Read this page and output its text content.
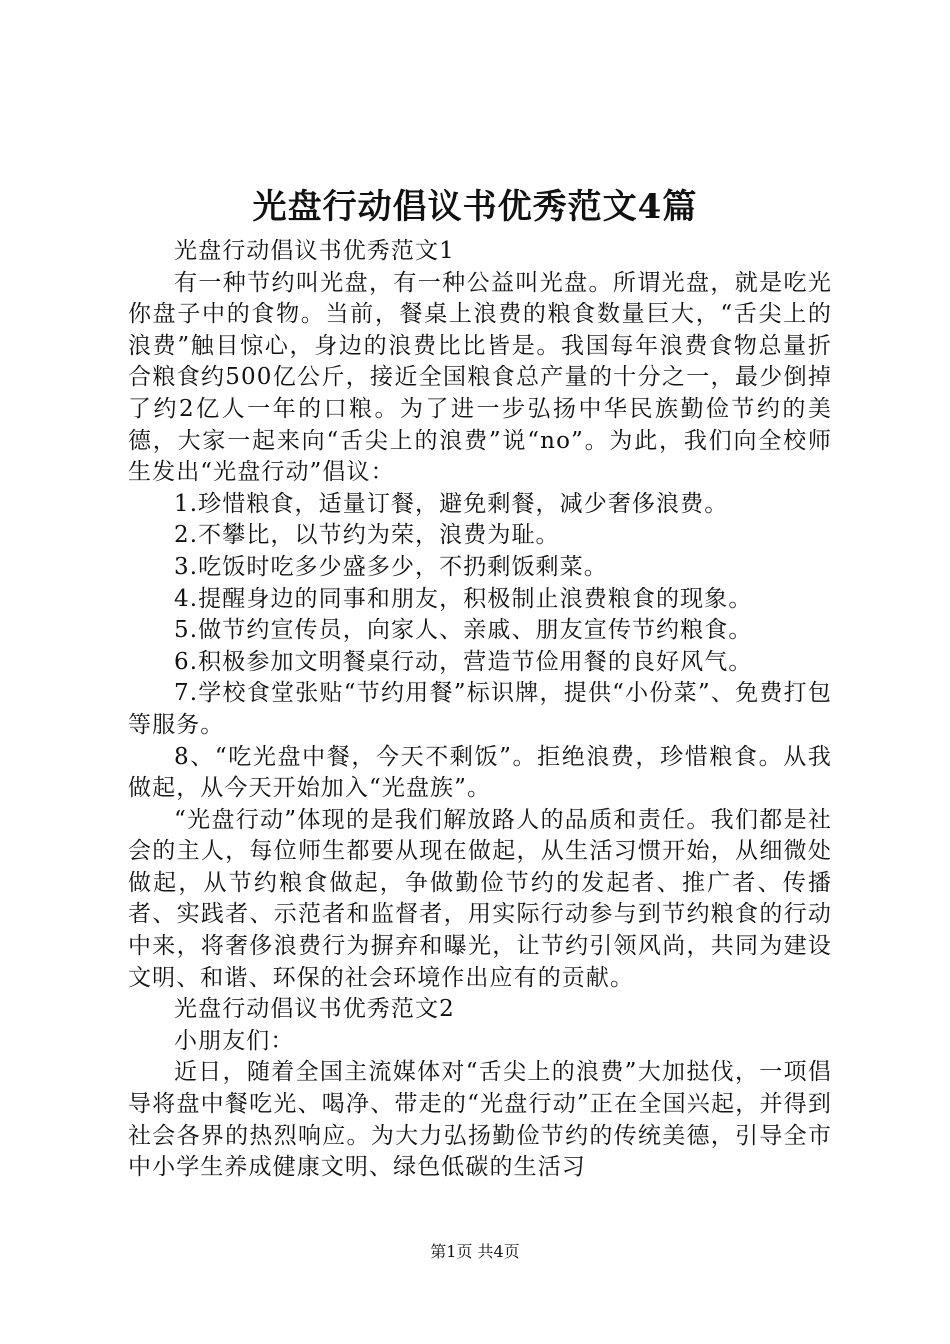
光盘行动倡议书优秀范文4篇

光盘行动倡议书优秀范文1

有一种节约叫光盘，有一种公益叫光盘。所谓光盘，就是吃光你盘子中的食物。当前，餐桌上浪费的粮食数量巨大，“舌尖上的浪费”触目惊心，身边的浪费比比皆是。我国每年浪费食物总量折合粮食约500亿公斤，接近全国粮食总产量的十分之一，最少倒掉了约2亿人一年的口粮。为了进一步弘扬中华民族勤俭节约的美德，大家一起来向“舌尖上的浪费”说“no”。为此，我们向全校师生发出“光盘行动”倡议：

1.珍惜粮食，适量订餐，避免剩餐，减少奢侈浪费。

2.不攀比，以节约为荣，浪费为耻。

3.吃饭时吃多少盛多少，不扔剩饭剩菜。

4.提醒身边的同事和朋友，积极制止浪费粮食的现象。

5.做节约宣传员，向家人、亲戚、朋友宣传节约粮食。

6.积极参加文明餐桌行动，营造节俭用餐的良好风气。

7.学校食堂张贴“节约用餐”标识牌，提供“小份菜”、免费打包等服务。

8、“吃光盘中餐，今天不剩饭”。拒绝浪费，珍惜粮食。从我做起，从今天开始加入“光盘族”。

“光盘行动”体现的是我们解放路人的品质和责任。我们都是社会的主人，每位师生都要从现在做起，从生活习惯开始，从细微处做起，从节约粮食做起，争做勤俭节约的发起者、推广者、传播者、实践者、示范者和监督者，用实际行动参与到节约粮食的行动中来，将奢侈浪费行为摒弃和曝光，让节约引领风尚，共同为建设文明、和谐、环保的社会环境作出应有的贡献。

光盘行动倡议书优秀范文2

小朋友们：

近日，随着全国主流媒体对“舌尖上的浪费”大加挞伐，一项倡导将盘中餐吃光、喝净、带走的“光盘行动”正在全国兴起，并得到社会各界的热烈响应。为大力弘扬勤俭节约的传统美德，引导全市中小学生养成健康文明、绿色低碳的生活习

第1页 共4页
